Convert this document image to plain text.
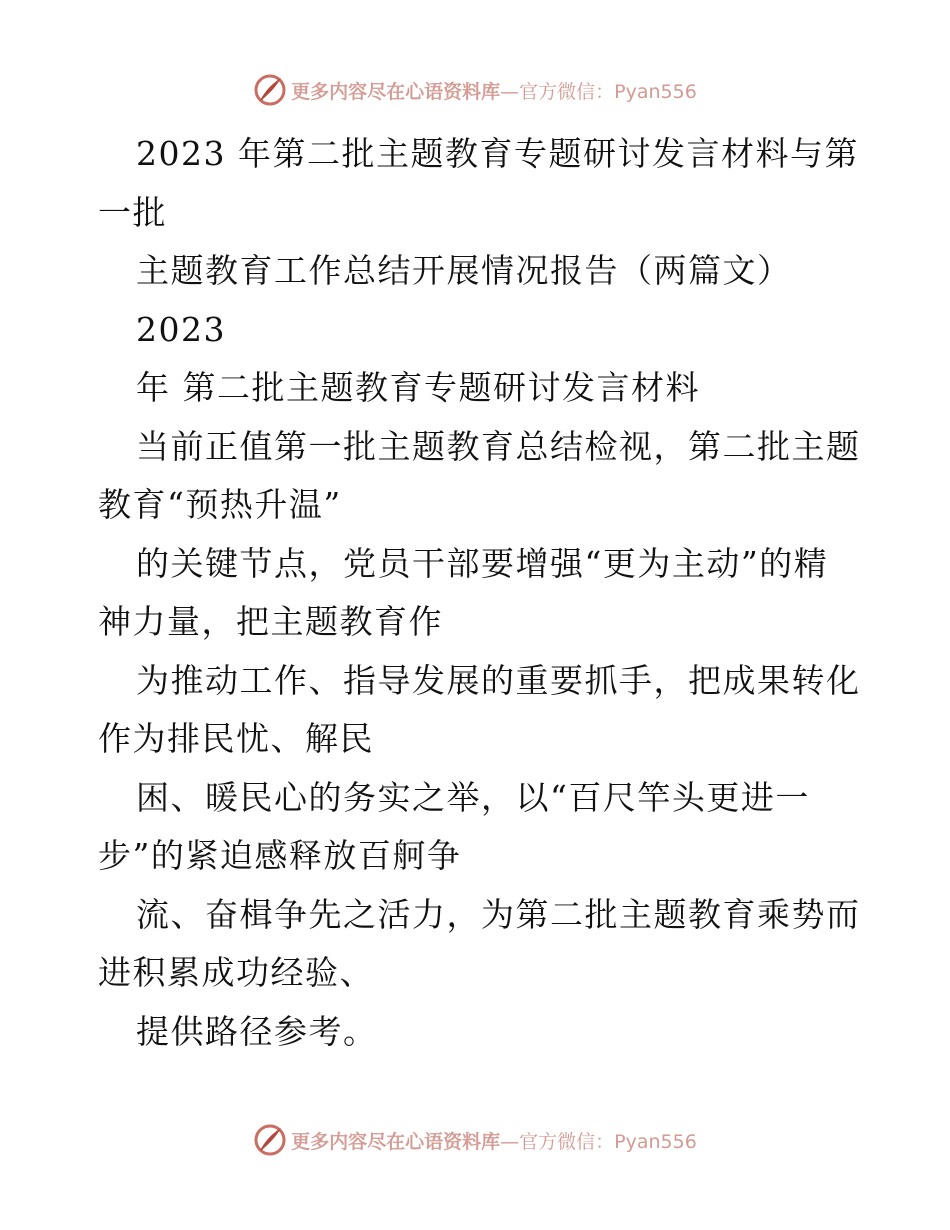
更多内容尽在心语资料库 —官方微信：Pyan556
2023 年第二批主题教育专题研讨发言材料与第
一批
主题教育工作总结开展情况报告（两篇文）
2023
年 第二批主题教育专题研讨发言材料
当前正值第一批主题教育总结检视，第二批主题
教育“预热升温”
的关键节点，党员干部要增强“更为主动”的精
神力量，把主题教育作
为推动工作、指导发展的重要抓手，把成果转化
作为排民忧、解民
困、暖民心的务实之举，以“百尺竿头更进一
步”的紧迫感释放百舸争
流、奋楫争先之活力，为第二批主题教育乘势而
进积累成功经验、
提供路径参考。
更多内容尽在心语资料库 —官方微信：Pyan556
